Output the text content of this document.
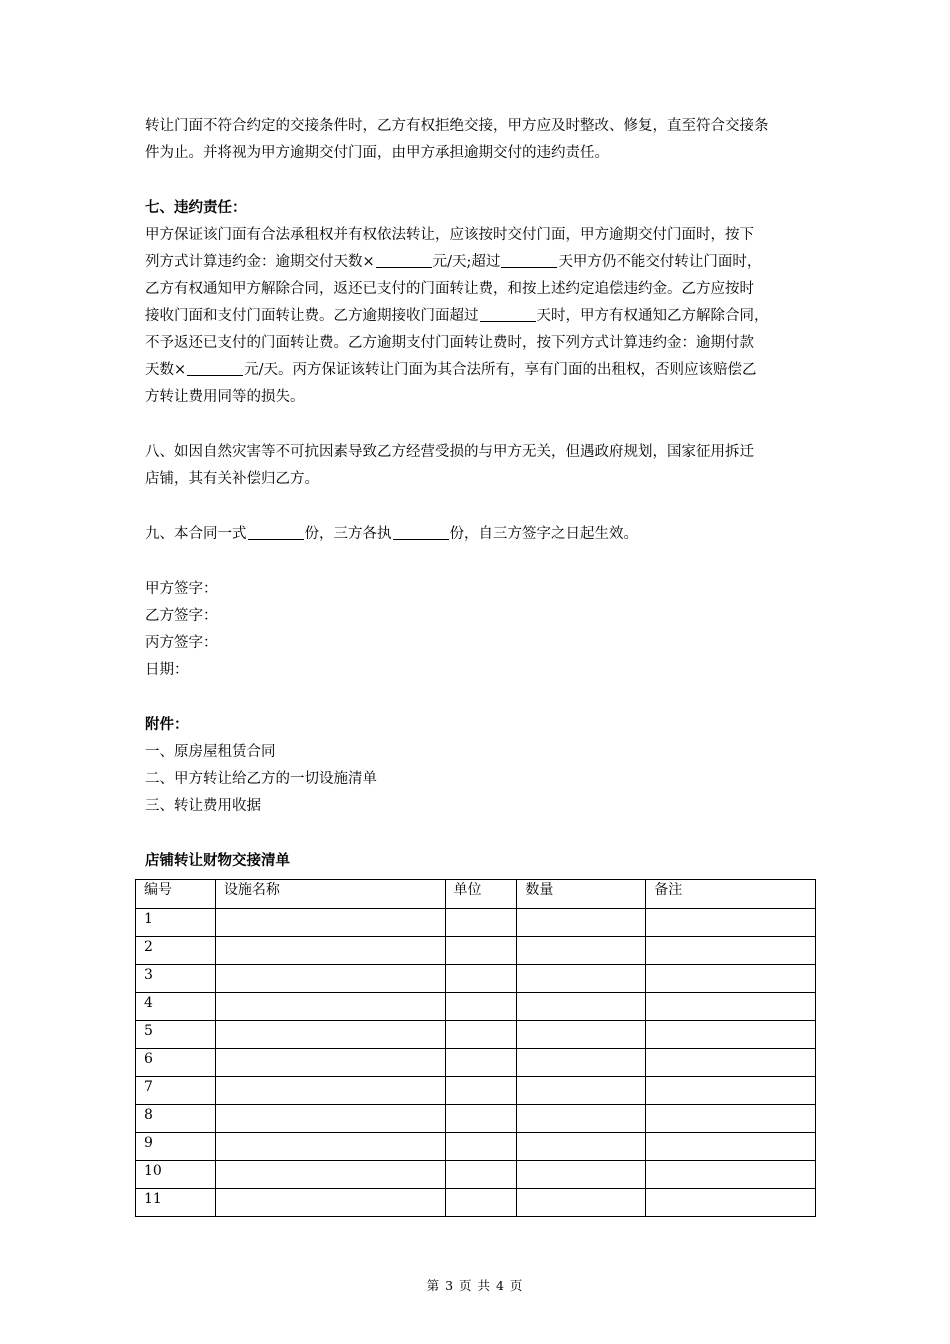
转让门面不符合约定的交接条件时，乙方有权拒绝交接，甲方应及时整改、修复，直至符合交接条
件为止。并将视为甲方逾期交付门面，由甲方承担逾期交付的违约责任。
七、违约责任：
甲方保证该门面有合法承租权并有权依法转让，应该按时交付门面，甲方逾期交付门面时，按下
列方式计算违约金：逾期交付天数×	元/天;超过	天甲方仍不能交付转让门面时，
乙方有权通知甲方解除合同，返还已支付的门面转让费，和按上述约定追偿违约金。乙方应按时
接收门面和支付门面转让费。乙方逾期接收门面超过	天时，甲方有权通知乙方解除合同，
不予返还已支付的门面转让费。乙方逾期支付门面转让费时，按下列方式计算违约金：逾期付款
天数×	元/天。丙方保证该转让门面为其合法所有，享有门面的出租权，否则应该赔偿乙
方转让费用同等的损失。
八、如因自然灾害等不可抗因素导致乙方经营受损的与甲方无关，但遇政府规划，国家征用拆迁
店铺，其有关补偿归乙方。
九、本合同一式	份，三方各执	份，自三方签字之日起生效。
甲方签字：
乙方签字：
丙方签字：
日期：
附件：
一、原房屋租赁合同
二、甲方转让给乙方的一切设施清单
三、转让费用收据
店铺转让财物交接清单
编号	设施名称	单位	数量	备注
1				
2				
3				
4				
5				
6				
7				
8				
9				
10				
11				
第 3 页 共 4 页
